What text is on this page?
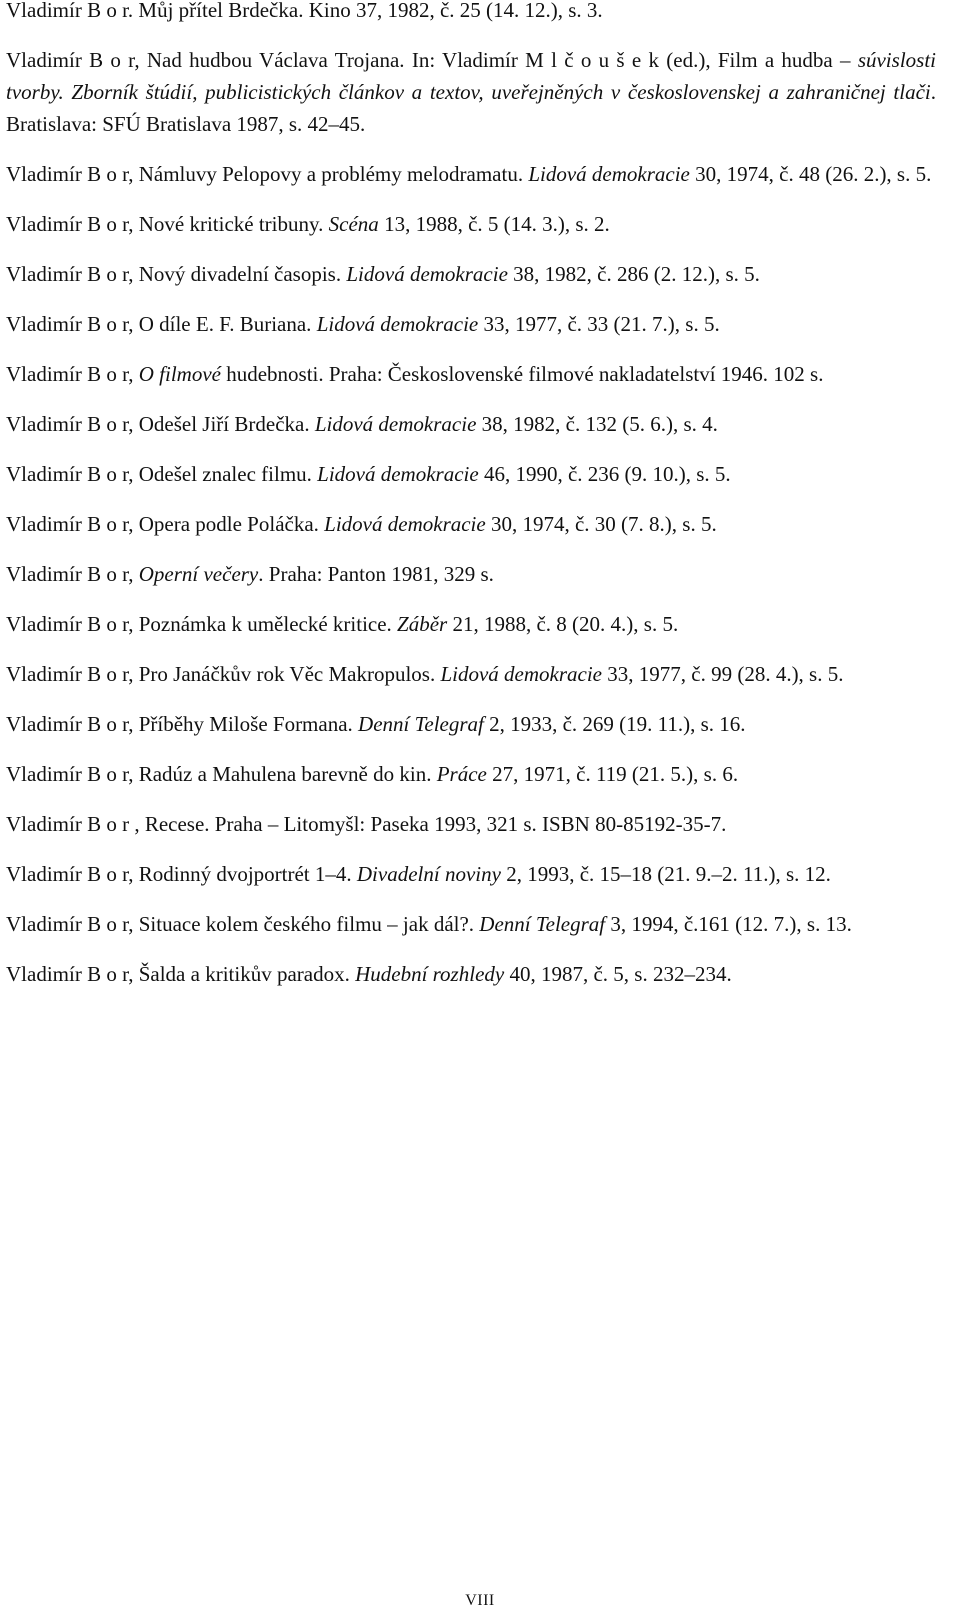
Vladimír B o r. Můj přítel Brdečka. Kino 37, 1982, č. 25 (14. 12.), s. 3.

Vladimír B o r, Nad hudbou Václava Trojana. In: Vladimír M l č o u š e k (ed.), Film a hudba – súvislosti tvorby. Zborník štúdií, publicistických článkov a textov, uveřejněných v československej a zahraničnej tlači. Bratislava: SFÚ Bratislava 1987, s. 42–45.

Vladimír B o r, Námluvy Pelopovy a problémy melodramatu. Lidová demokracie 30, 1974, č. 48 (26. 2.), s. 5.

Vladimír B o r, Nové kritické tribuny. Scéna 13, 1988, č. 5 (14. 3.), s. 2.

Vladimír B o r, Nový divadelní časopis. Lidová demokracie 38, 1982, č. 286 (2. 12.), s. 5.

Vladimír B o r, O díle E. F. Buriana. Lidová demokracie 33, 1977, č. 33 (21. 7.), s. 5.

Vladimír B o r, O filmové hudebnosti. Praha: Československé filmové nakladatelství 1946. 102 s.

Vladimír B o r, Odešel Jiří Brdečka. Lidová demokracie 38, 1982, č. 132 (5. 6.), s. 4.

Vladimír B o r, Odešel znalec filmu. Lidová demokracie 46, 1990, č. 236 (9. 10.), s. 5.

Vladimír B o r, Opera podle Poláčka. Lidová demokracie 30, 1974, č. 30 (7. 8.), s. 5.

Vladimír B o r, Operní večery. Praha: Panton 1981, 329 s.

Vladimír B o r, Poznámka k umělecké kritice. Záběr 21, 1988, č. 8 (20. 4.), s. 5.

Vladimír B o r, Pro Janáčkův rok Věc Makropulos. Lidová demokracie 33, 1977, č. 99 (28. 4.), s. 5.

Vladimír B o r, Příběhy Miloše Formana. Denní Telegraf 2, 1933, č. 269 (19. 11.), s. 16.

Vladimír B o r, Radúz a Mahulena barevně do kin. Práce 27, 1971, č. 119 (21. 5.), s. 6.

Vladimír B o r , Recese. Praha – Litomyšl: Paseka 1993, 321 s. ISBN 80-85192-35-7.

Vladimír B o r, Rodinný dvojportrét 1–4. Divadelní noviny 2, 1993, č. 15–18 (21. 9.–2. 11.), s. 12.

Vladimír B o r, Situace kolem českého filmu – jak dál?. Denní Telegraf 3, 1994, č.161 (12. 7.), s. 13.

Vladimír B o r, Šalda a kritikův paradox. Hudební rozhledy 40, 1987, č. 5, s. 232–234.

VIII
